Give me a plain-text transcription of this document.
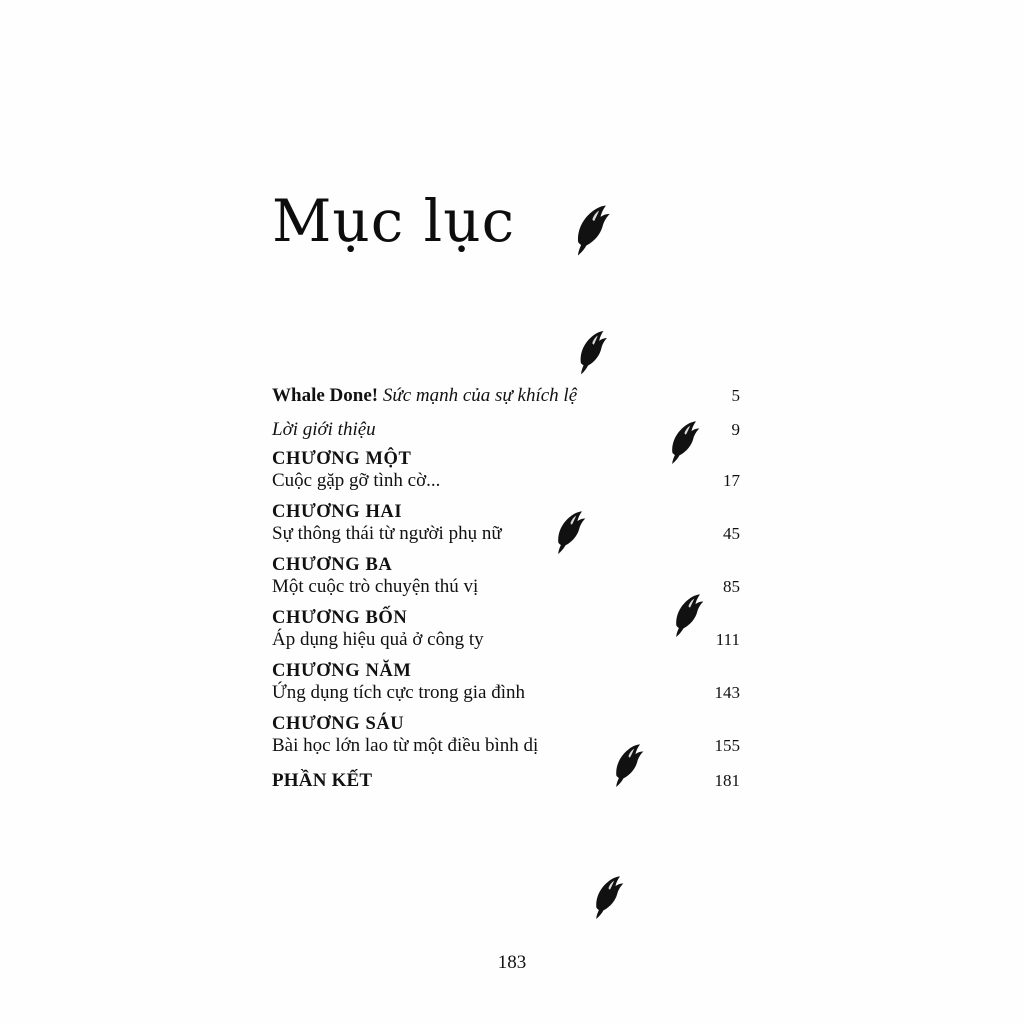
Mục lục
Whale Done! Sức mạnh của sự khích lệ	5
Lời giới thiệu	9
CHƯƠNG MỘT
Cuộc gặp gỡ tình cờ...	17
CHƯƠNG HAI
Sự thông thái từ người phụ nữ	45
CHƯƠNG BA
Một cuộc trò chuyện thú vị	85
CHƯƠNG BỐN
Áp dụng hiệu quả ở công ty	111
CHƯƠNG NĂM
Ứng dụng tích cực trong gia đình	143
CHƯƠNG SÁU
Bài học lớn lao từ một điều bình dị	155
PHẦN KẾT	181
183
